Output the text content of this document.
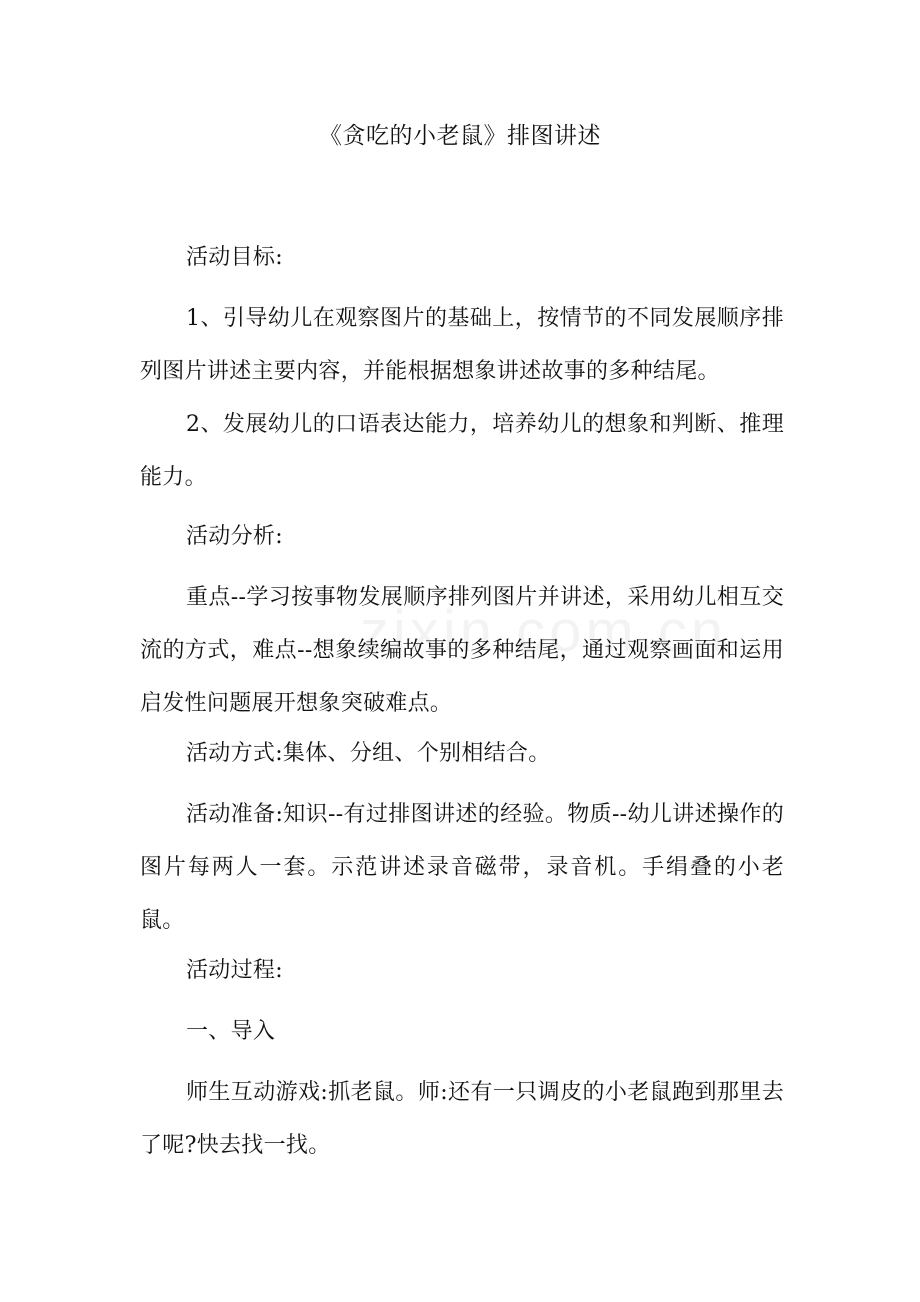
《贪吃的小老鼠》排图讲述

活动目标:

1、引导幼儿在观察图片的基础上，按情节的不同发展顺序排列图片讲述主要内容，并能根据想象讲述故事的多种结尾。

2、发展幼儿的口语表达能力，培养幼儿的想象和判断、推理能力。

活动分析:

重点--学习按事物发展顺序排列图片并讲述，采用幼儿相互交流的方式，难点--想象续编故事的多种结尾，通过观察画面和运用启发性问题展开想象突破难点。

活动方式:集体、分组、个别相结合。

活动准备:知识--有过排图讲述的经验。物质--幼儿讲述操作的图片每两人一套。示范讲述录音磁带，录音机。手绢叠的小老鼠。

活动过程:

一、导入

师生互动游戏:抓老鼠。师:还有一只调皮的小老鼠跑到那里去了呢?快去找一找。
